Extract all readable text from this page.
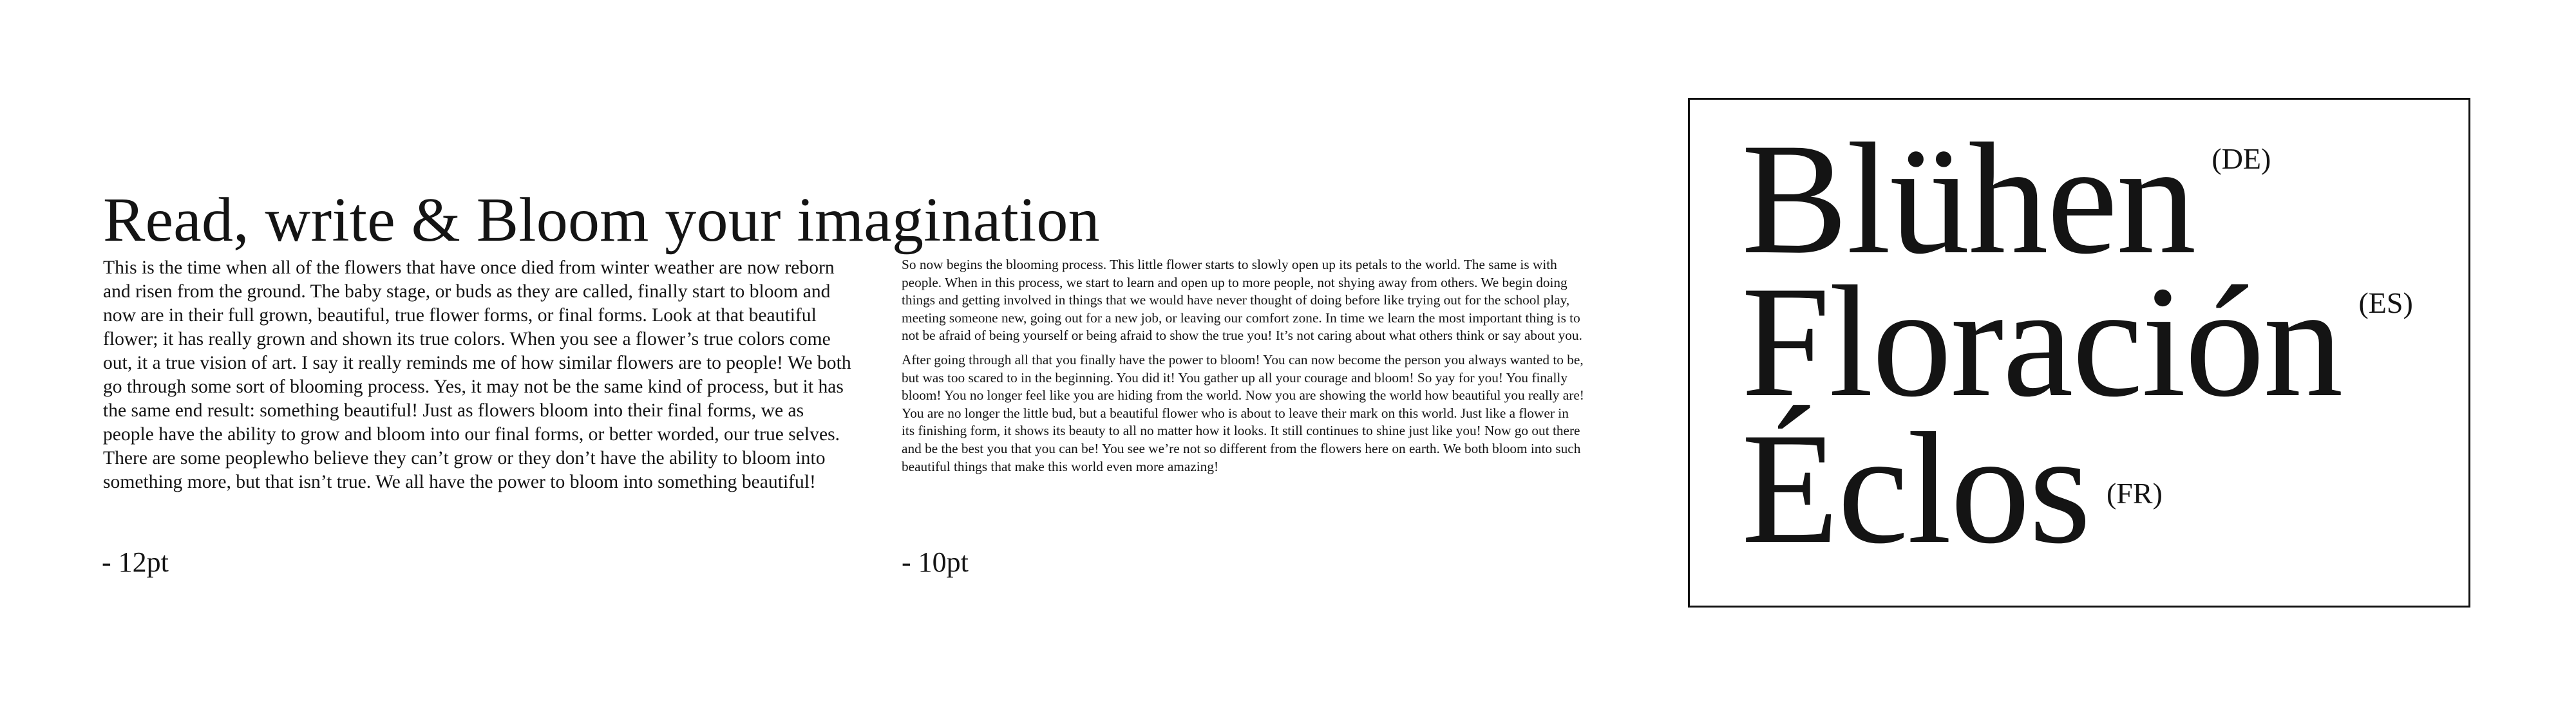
Read, write & Bloom your imagination

This is the time when all of the flowers that have once died from winter weather are now reborn and risen from the ground. The baby stage, or buds as they are called, finally start to bloom and now are in their full grown, beautiful, true flower forms, or final forms. Look at that beautiful flower; it has really grown and shown its true colors. When you see a flower’s true colors come out, it a true vision of art. I say it really reminds me of how similar flowers are to people! We both go through some sort of blooming process. Yes, it may not be the same kind of process, but it has the same end result: something beautiful! Just as flowers bloom into their final forms, we as people have the ability to grow and bloom into our final forms, or better worded, our true selves. There are some peoplewho believe they can’t grow or they don’t have the ability to bloom into something more, but that isn’t true. We all have the power to bloom into something beautiful!

- 12pt

So now begins the blooming process. This little flower starts to slowly open up its petals to the world. The same is with people. When in this process, we start to learn and open up to more people, not shying away from others. We begin doing things and getting involved in things that we would have never thought of doing before like trying out for the school play, meeting someone new, going out for a new job, or leaving our comfort zone. In time we learn the most important thing is to not be afraid of being yourself or being afraid to show the true you! It’s not caring about what others think or say about you.

After going through all that you finally have the power to bloom! You can now become the person you always wanted to be, but was too scared to in the beginning. You did it! You gather up all your courage and bloom! So yay for you! You finally bloom! You no longer feel like you are hiding from the world. Now you are showing the world how beautiful you really are! You are no longer the little bud, but a beautiful flower who is about to leave their mark on this world. Just like a flower in its finishing form, it shows its beauty to all no matter how it looks. It still continues to shine just like you! Now go out there and be the best you that you can be! You see we’re not so different from the flowers here on earth. We both bloom into such beautiful things that make this world even more amazing!

- 10pt
Blühen (DE)
Floración (ES)
Éclos (FR)
